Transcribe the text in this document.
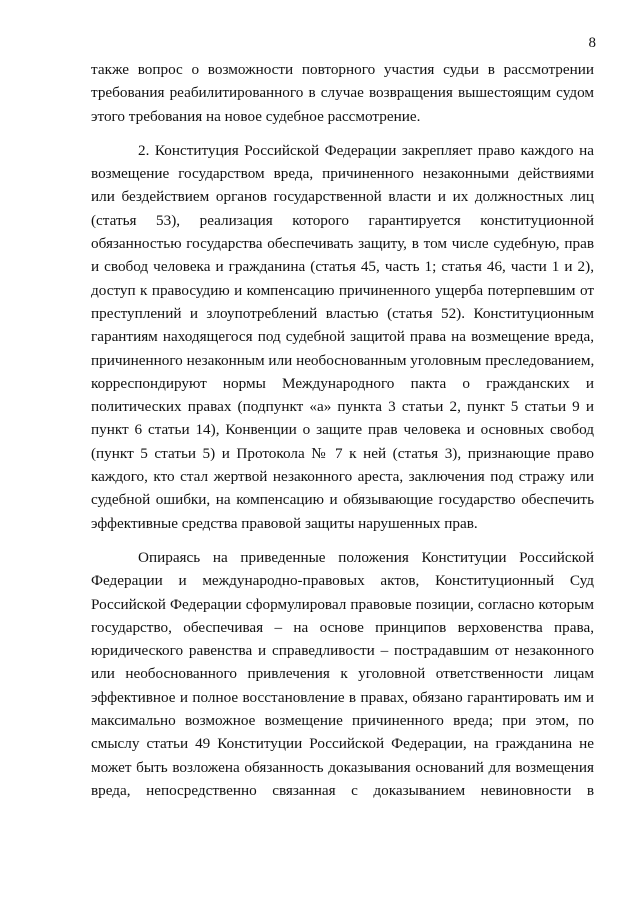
8
также вопрос о возможности повторного участия судьи в рассмотрении
требования реабилитированного в случае возвращения вышестоящим судом
этого требования на новое судебное рассмотрение.
2. Конституция Российской Федерации закрепляет право каждого на
возмещение государством вреда, причиненного незаконными действиями
или бездействием органов государственной власти и их должностных лиц
(статья 53), реализация которого гарантируется конституционной
обязанностью государства обеспечивать защиту, в том числе судебную, прав
и свобод человека и гражданина (статья 45, часть 1; статья 46, части 1 и 2),
доступ к правосудию и компенсацию причиненного ущерба потерпевшим от
преступлений и злоупотреблений властью (статья 52). Конституционным
гарантиям находящегося под судебной защитой права на возмещение вреда,
причиненного незаконным или необоснованным уголовным преследованием,
корреспондируют нормы Международного пакта о гражданских и
политических правах (подпункт «а» пункта 3 статьи 2, пункт 5 статьи 9 и
пункт 6 статьи 14), Конвенции о защите прав человека и основных свобод
(пункт 5 статьи 5) и Протокола № 7 к ней (статья 3), признающие право
каждого, кто стал жертвой незаконного ареста, заключения под стражу или
судебной ошибки, на компенсацию и обязывающие государство обеспечить
эффективные средства правовой защиты нарушенных прав.
Опираясь на приведенные положения Конституции Российской
Федерации и международно-правовых актов, Конституционный Суд
Российской Федерации сформулировал правовые позиции, согласно которым
государство, обеспечивая – на основе принципов верховенства права,
юридического равенства и справедливости – пострадавшим от незаконного
или необоснованного привлечения к уголовной ответственности лицам
эффективное и полное восстановление в правах, обязано гарантировать им и
максимально возможное возмещение причиненного вреда; при этом, по
смыслу статьи 49 Конституции Российской Федерации, на гражданина не
может быть возложена обязанность доказывания оснований для возмещения
вреда, непосредственно связанная с доказыванием невиновности в
